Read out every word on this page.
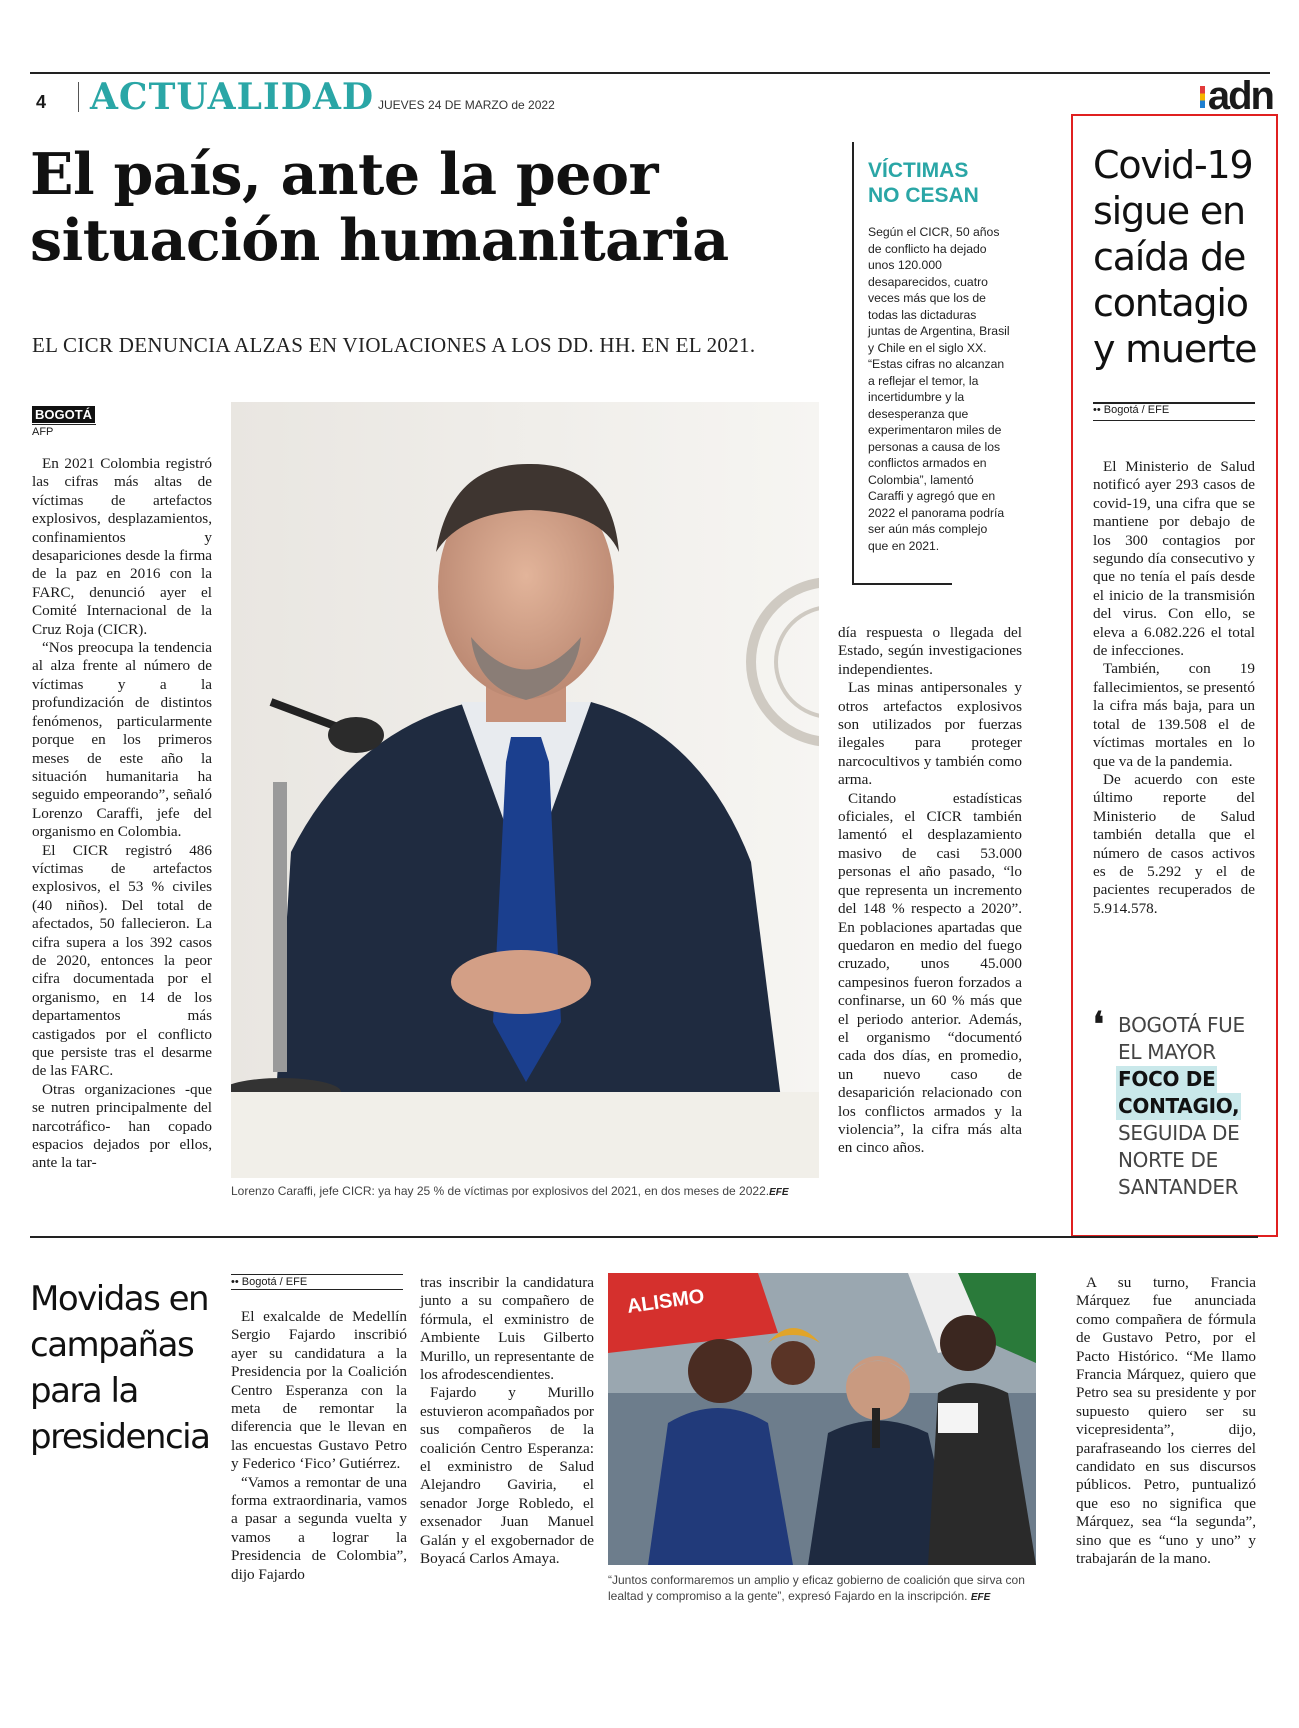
4 ACTUALIDAD JUEVES 24 DE MARZO de 2022	adn
El país, ante la peor
situación humanitaria
EL CICR DENUNCIA ALZAS EN VIOLACIONES A LOS DD. HH. EN EL 2021.
BOGOTÁ
AFP

En 2021 Colombia registró las cifras más altas de víctimas de artefactos explosivos, desplazamientos, confinamientos y desapariciones desde la firma de la paz en 2016 con la FARC, denunció ayer el Comité Internacional de la Cruz Roja (CICR).

“Nos preocupa la tendencia al alza frente al número de víctimas y a la profundización de distintos fenómenos, particularmente porque en los primeros meses de este año la situación humanitaria ha seguido empeorando”, señaló Lorenzo Caraffi, jefe del organismo en Colombia.

El CICR registró 486 víctimas de artefactos explosivos, el 53 % civiles (40 niños). Del total de afectados, 50 fallecieron. La cifra supera a los 392 casos de 2020, entonces la peor cifra documentada por el organismo, en 14 de los departamentos más castigados por el conflicto que persiste tras el desarme de las FARC.

Otras organizaciones -que se nutren principalmente del narcotráfico- han copado espacios dejados por ellos, ante la tar-

Lorenzo Caraffi, jefe CICR: ya hay 25 % de víctimas por explosivos del 2021, en dos meses de 2022.EFE

día respuesta o llegada del Estado, según investigaciones independientes.

Las minas antipersonales y otros artefactos explosivos son utilizados por fuerzas ilegales para proteger narcocultivos y también como arma.

Citando estadísticas oficiales, el CICR también lamentó el desplazamiento masivo de casi 53.000 personas el año pasado, “lo que representa un incremento del 148 % respecto a 2020”. En poblaciones apartadas que quedaron en medio del fuego cruzado, unos 45.000 campesinos fueron forzados a confinarse, un 60 % más que el periodo anterior. Además, el organismo “documentó cada dos días, en promedio, un nuevo caso de desaparición relacionado con los conflictos armados y la violencia”, la cifra más alta en cinco años.

VÍCTIMAS
NO CESAN
Según el CICR, 50 años de conflicto ha dejado unos 120.000 desaparecidos, cuatro veces más que los de todas las dictaduras juntas de Argentina, Brasil y Chile en el siglo XX. “Estas cifras no alcanzan a reflejar el temor, la incertidumbre y la desesperanza que experimentaron miles de personas a causa de los conflictos armados en Colombia”, lamentó Caraffi y agregó que en 2022 el panorama podría ser aún más complejo que en 2021.
Covid-19 sigue en caída de contagio y muerte
•• Bogotá / EFE

El Ministerio de Salud notificó ayer 293 casos de covid-19, una cifra que se mantiene por debajo de los 300 contagios por segundo día consecutivo y que no tenía el país desde el inicio de la transmisión del virus. Con ello, se eleva a 6.082.226 el total de infecciones.

También, con 19 fallecimientos, se presentó la cifra más baja, para un total de 139.508 el de víctimas mortales en lo que va de la pandemia.

De acuerdo con este último reporte del Ministerio de Salud también detalla que el número de casos activos es de 5.292 y el de pacientes recuperados de 5.914.578.

❛ BOGOTÁ FUE EL MAYOR
FOCO DE
CONTAGIO,
SEGUIDA DE NORTE DE SANTANDER
Movidas en campañas para la presidencia
•• Bogotá / EFE

El exalcalde de Medellín Sergio Fajardo inscribió ayer su candidatura a la Presidencia por la Coalición Centro Esperanza con la meta de remontar la diferencia que le llevan en las encuestas Gustavo Petro y Federico ‘Fico’ Gutiérrez.

“Vamos a remontar de una forma extraordinaria, vamos a pasar a segunda vuelta y vamos a lograr la Presidencia de Colombia”, dijo Fajardo

tras inscribir la candidatura junto a su compañero de fórmula, el exministro de Ambiente Luis Gilberto Murillo, un representante de los afrodescendientes.

Fajardo y Murillo estuvieron acompañados por sus compañeros de la coalición Centro Esperanza: el exministro de Salud Alejandro Gaviria, el senador Jorge Robledo, el exsenador Juan Manuel Galán y el exgobernador de Boyacá Carlos Amaya.

ALISMO
“Juntos conformaremos un amplio y eficaz gobierno de coalición que sirva con lealtad y compromiso a la gente”, expresó Fajardo en la inscripción. EFE

A su turno, Francia Márquez fue anunciada como compañera de fórmula de Gustavo Petro, por el Pacto Histórico. “Me llamo Francia Márquez, quiero que Petro sea su presidente y por supuesto quiero ser su vicepresidenta”, dijo, parafraseando los cierres del candidato en sus discursos públicos. Petro, puntualizó que eso no significa que Márquez, sea “la segunda”, sino que es “uno y uno” y trabajarán de la mano.
